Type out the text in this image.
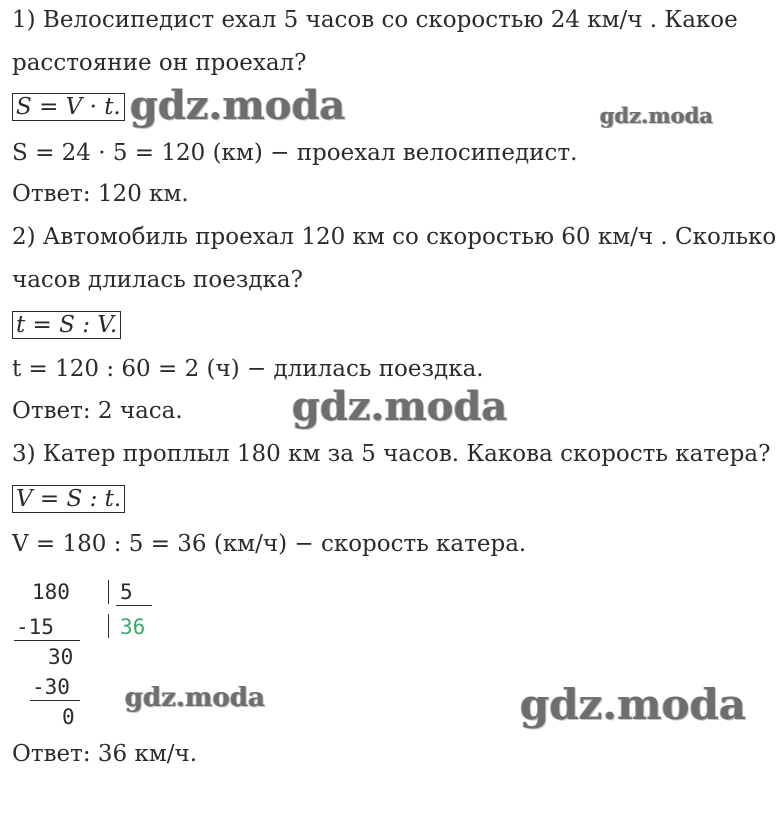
1) Велосипедист ехал 5 часов со скоростью 24 км/ч . Какое
расстояние он проехал?
S = V · t.
S = 24 · 5 = 120 (км) − проехал велосипедист.
Ответ: 120 км.
2) Автомобиль проехал 120 км со скоростью 60 км/ч . Сколько
часов длилась поездка?
t = S : V.
t = 120 : 60 = 2 (ч) − длилась поездка.
Ответ: 2 часа.
3) Катер проплыл 180 км за 5 часов. Какова скорость катера?
V = S : t.
V = 180 : 5 = 36 (км/ч) − скорость катера.
180 5
-15	36
30
-30
0
Ответ: 36 км/ч.
gdz.moda	gdz.moda
gdz.moda
gdz.moda	gdz.moda
